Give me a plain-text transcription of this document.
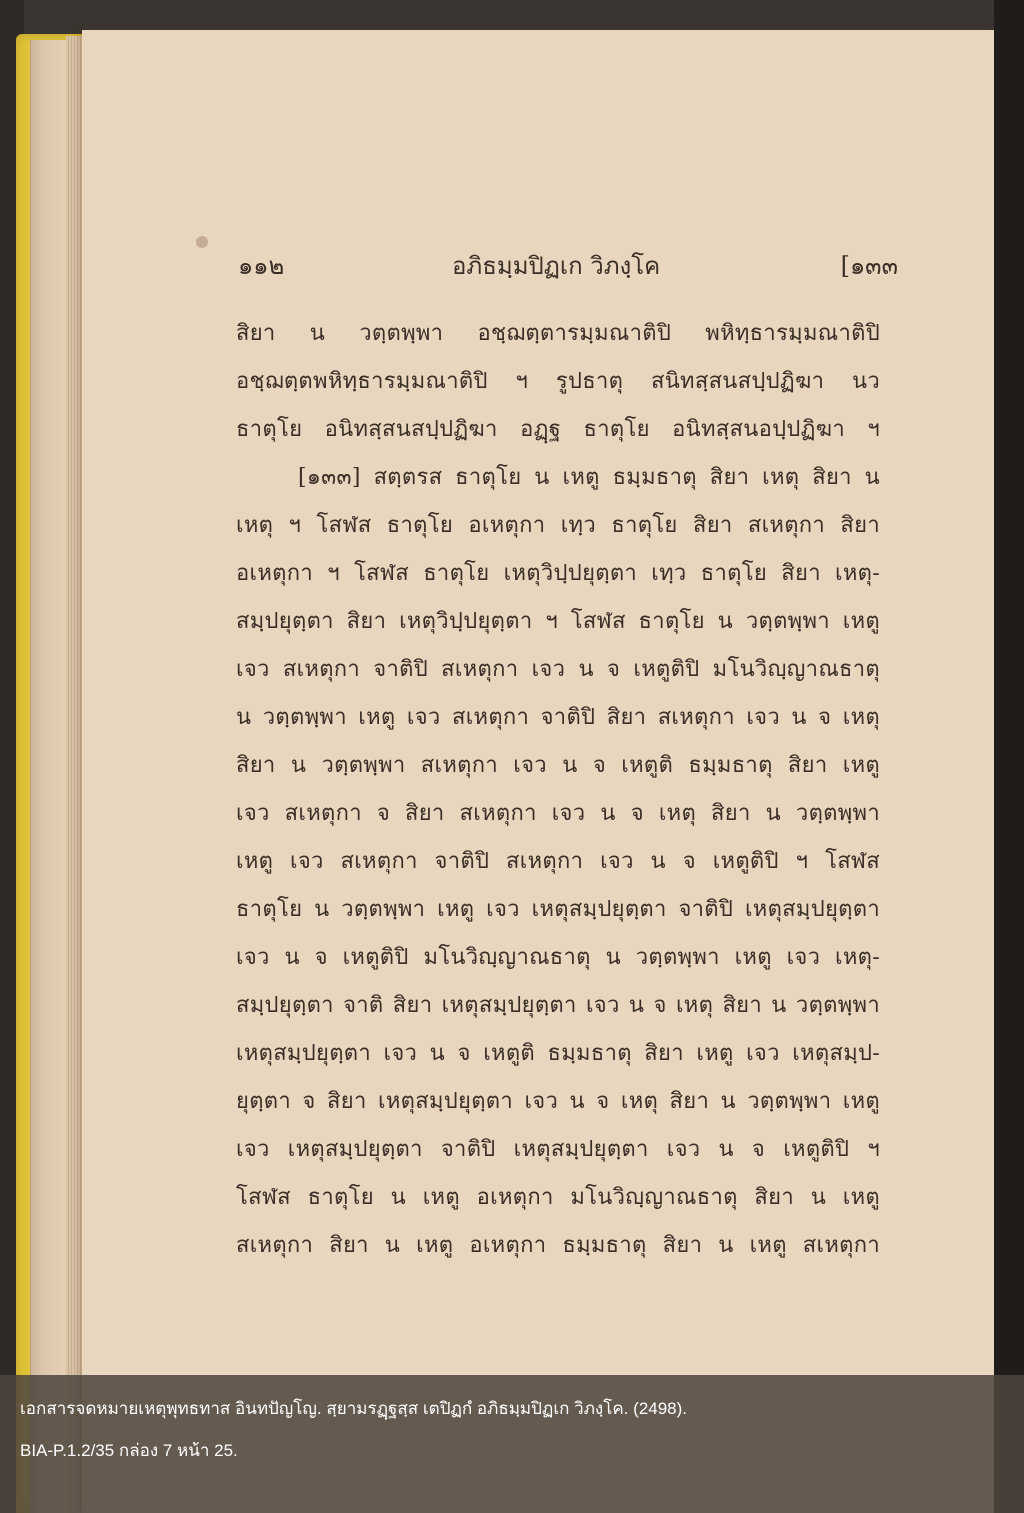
๑๑๒	อภิธมฺมปิฏเก วิภงฺโค	[๑๓๓
สิยา น วตฺตพฺพา อชฺฌตฺตารมฺมณาติปิ พหิทฺธารมฺมณาติปิ
อชฺฌตฺตพหิทฺธารมฺมณาติปิ ฯ รูปธาตุ สนิทสฺสนสปฺปฏิฆา นว
ธาตุโย อนิทสฺสนสปฺปฏิฆา อฏฺฐ ธาตุโย อนิทสฺสนอปฺปฏิฆา ฯ
[๑๓๓] สตฺตรส ธาตุโย น เหตู ธมฺมธาตุ สิยา เหตุ สิยา น
เหตุ ฯ โสฬส ธาตุโย อเหตุกา เทฺว ธาตุโย สิยา สเหตุกา สิยา
อเหตุกา ฯ โสฬส ธาตุโย เหตุวิปฺปยุตฺตา เทฺว ธาตุโย สิยา เหตุ-
สมฺปยุตฺตา สิยา เหตุวิปฺปยุตฺตา ฯ โสฬส ธาตุโย น วตฺตพฺพา เหตู
เจว สเหตุกา จาติปิ สเหตุกา เจว น จ เหตูติปิ มโนวิญฺญาณธาตุ
น วตฺตพฺพา เหตู เจว สเหตุกา จาติปิ สิยา สเหตุกา เจว น จ เหตุ
สิยา น วตฺตพฺพา สเหตุกา เจว น จ เหตูติ ธมฺมธาตุ สิยา เหตู
เจว สเหตุกา จ สิยา สเหตุกา เจว น จ เหตุ สิยา น วตฺตพฺพา
เหตู เจว สเหตุกา จาติปิ สเหตุกา เจว น จ เหตูติปิ ฯ โสฬส
ธาตุโย น วตฺตพฺพา เหตู เจว เหตุสมฺปยุตฺตา จาติปิ เหตุสมฺปยุตฺตา
เจว น จ เหตูติปิ มโนวิญฺญาณธาตุ น วตฺตพฺพา เหตู เจว เหตุ-
สมฺปยุตฺตา จาติ สิยา เหตุสมฺปยุตฺตา เจว น จ เหตุ สิยา น วตฺตพฺพา
เหตุสมฺปยุตฺตา เจว น จ เหตูติ ธมฺมธาตุ สิยา เหตู เจว เหตุสมฺป-
ยุตฺตา จ สิยา เหตุสมฺปยุตฺตา เจว น จ เหตุ สิยา น วตฺตพฺพา เหตู
เจว เหตุสมฺปยุตฺตา จาติปิ เหตุสมฺปยุตฺตา เจว น จ เหตูติปิ ฯ
โสฬส ธาตุโย น เหตู อเหตุกา มโนวิญฺญาณธาตุ สิยา น เหตู
สเหตุกา สิยา น เหตู อเหตุกา ธมฺมธาตุ สิยา น เหตู สเหตุกา
เอกสารจดหมายเหตุพุทธทาส อินทปัญโญ. สฺยามรฏฺฐสฺส เตปิฏกํ อภิธมฺมปิฏเก วิภงฺโค. (2498).
BIA-P.1.2/35 กล่อง 7 หน้า 25.
